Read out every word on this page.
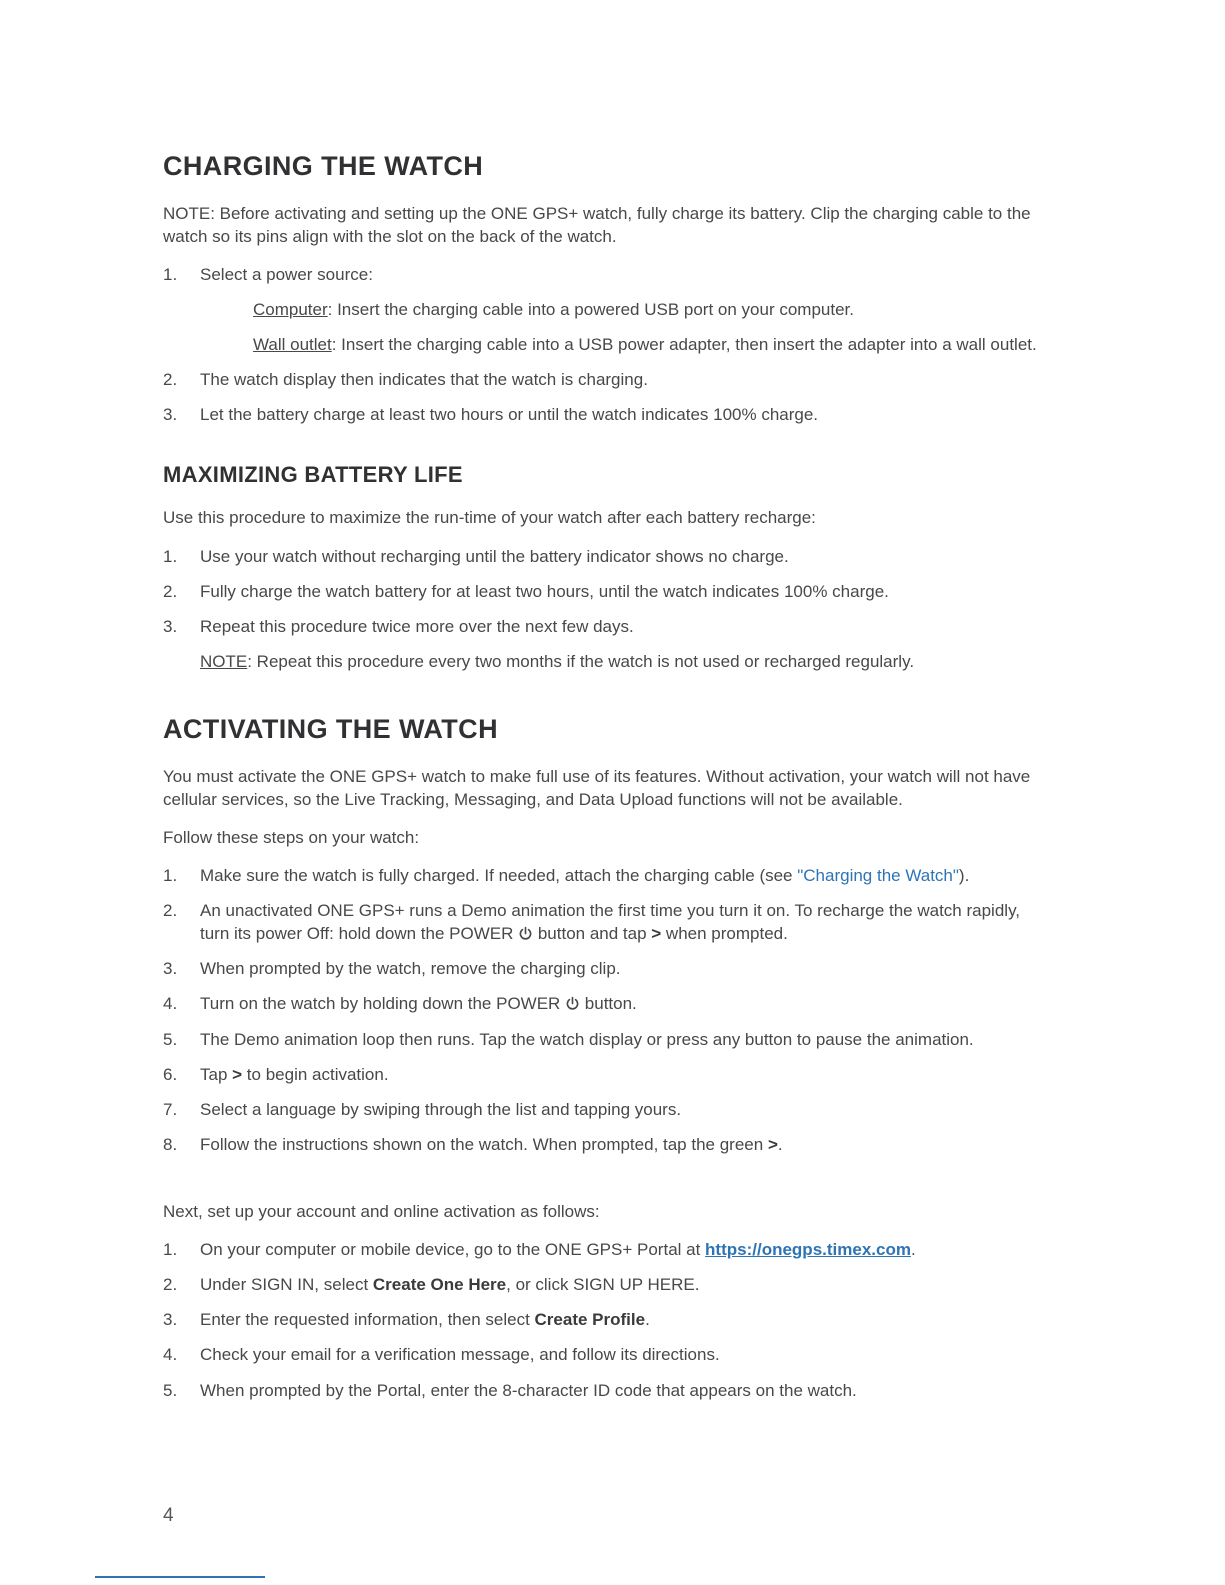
CHARGING THE WATCH

NOTE: Before activating and setting up the ONE GPS+ watch, fully charge its battery. Clip the charging cable to the watch so its pins align with the slot on the back of the watch.

1.	Select a power source:
Computer: Insert the charging cable into a powered USB port on your computer.
Wall outlet: Insert the charging cable into a USB power adapter, then insert the adapter into a wall outlet.
2.	The watch display then indicates that the watch is charging.
3.	Let the battery charge at least two hours or until the watch indicates 100% charge.
MAXIMIZING BATTERY LIFE

Use this procedure to maximize the run-time of your watch after each battery recharge:

1.	Use your watch without recharging until the battery indicator shows no charge.
2.	Fully charge the watch battery for at least two hours, until the watch indicates 100% charge.
3.	Repeat this procedure twice more over the next few days.
NOTE: Repeat this procedure every two months if the watch is not used or recharged regularly.
ACTIVATING THE WATCH

You must activate the ONE GPS+ watch to make full use of its features. Without activation, your watch will not have cellular services, so the Live Tracking, Messaging, and Data Upload functions will not be available.

Follow these steps on your watch:

1.	Make sure the watch is fully charged. If needed, attach the charging cable (see "Charging the Watch").
2.	An unactivated ONE GPS+ runs a Demo animation the first time you turn it on. To recharge the watch rapidly, turn its power Off: hold down the POWER  button and tap > when prompted.
3.	When prompted by the watch, remove the charging clip.
4.	Turn on the watch by holding down the POWER  button.
5.	The Demo animation loop then runs. Tap the watch display or press any button to pause the animation.
6.	Tap > to begin activation.
7.	Select a language by swiping through the list and tapping yours.
8.	Follow the instructions shown on the watch. When prompted, tap the green >.

Next, set up your account and online activation as follows:

1.	On your computer or mobile device, go to the ONE GPS+ Portal at https://onegps.timex.com.
2.	Under SIGN IN, select Create One Here, or click SIGN UP HERE.
3.	Enter the requested information, then select Create Profile.
4.	Check your email for a verification message, and follow its directions.
5.	When prompted by the Portal, enter the 8-character ID code that appears on the watch.
4
